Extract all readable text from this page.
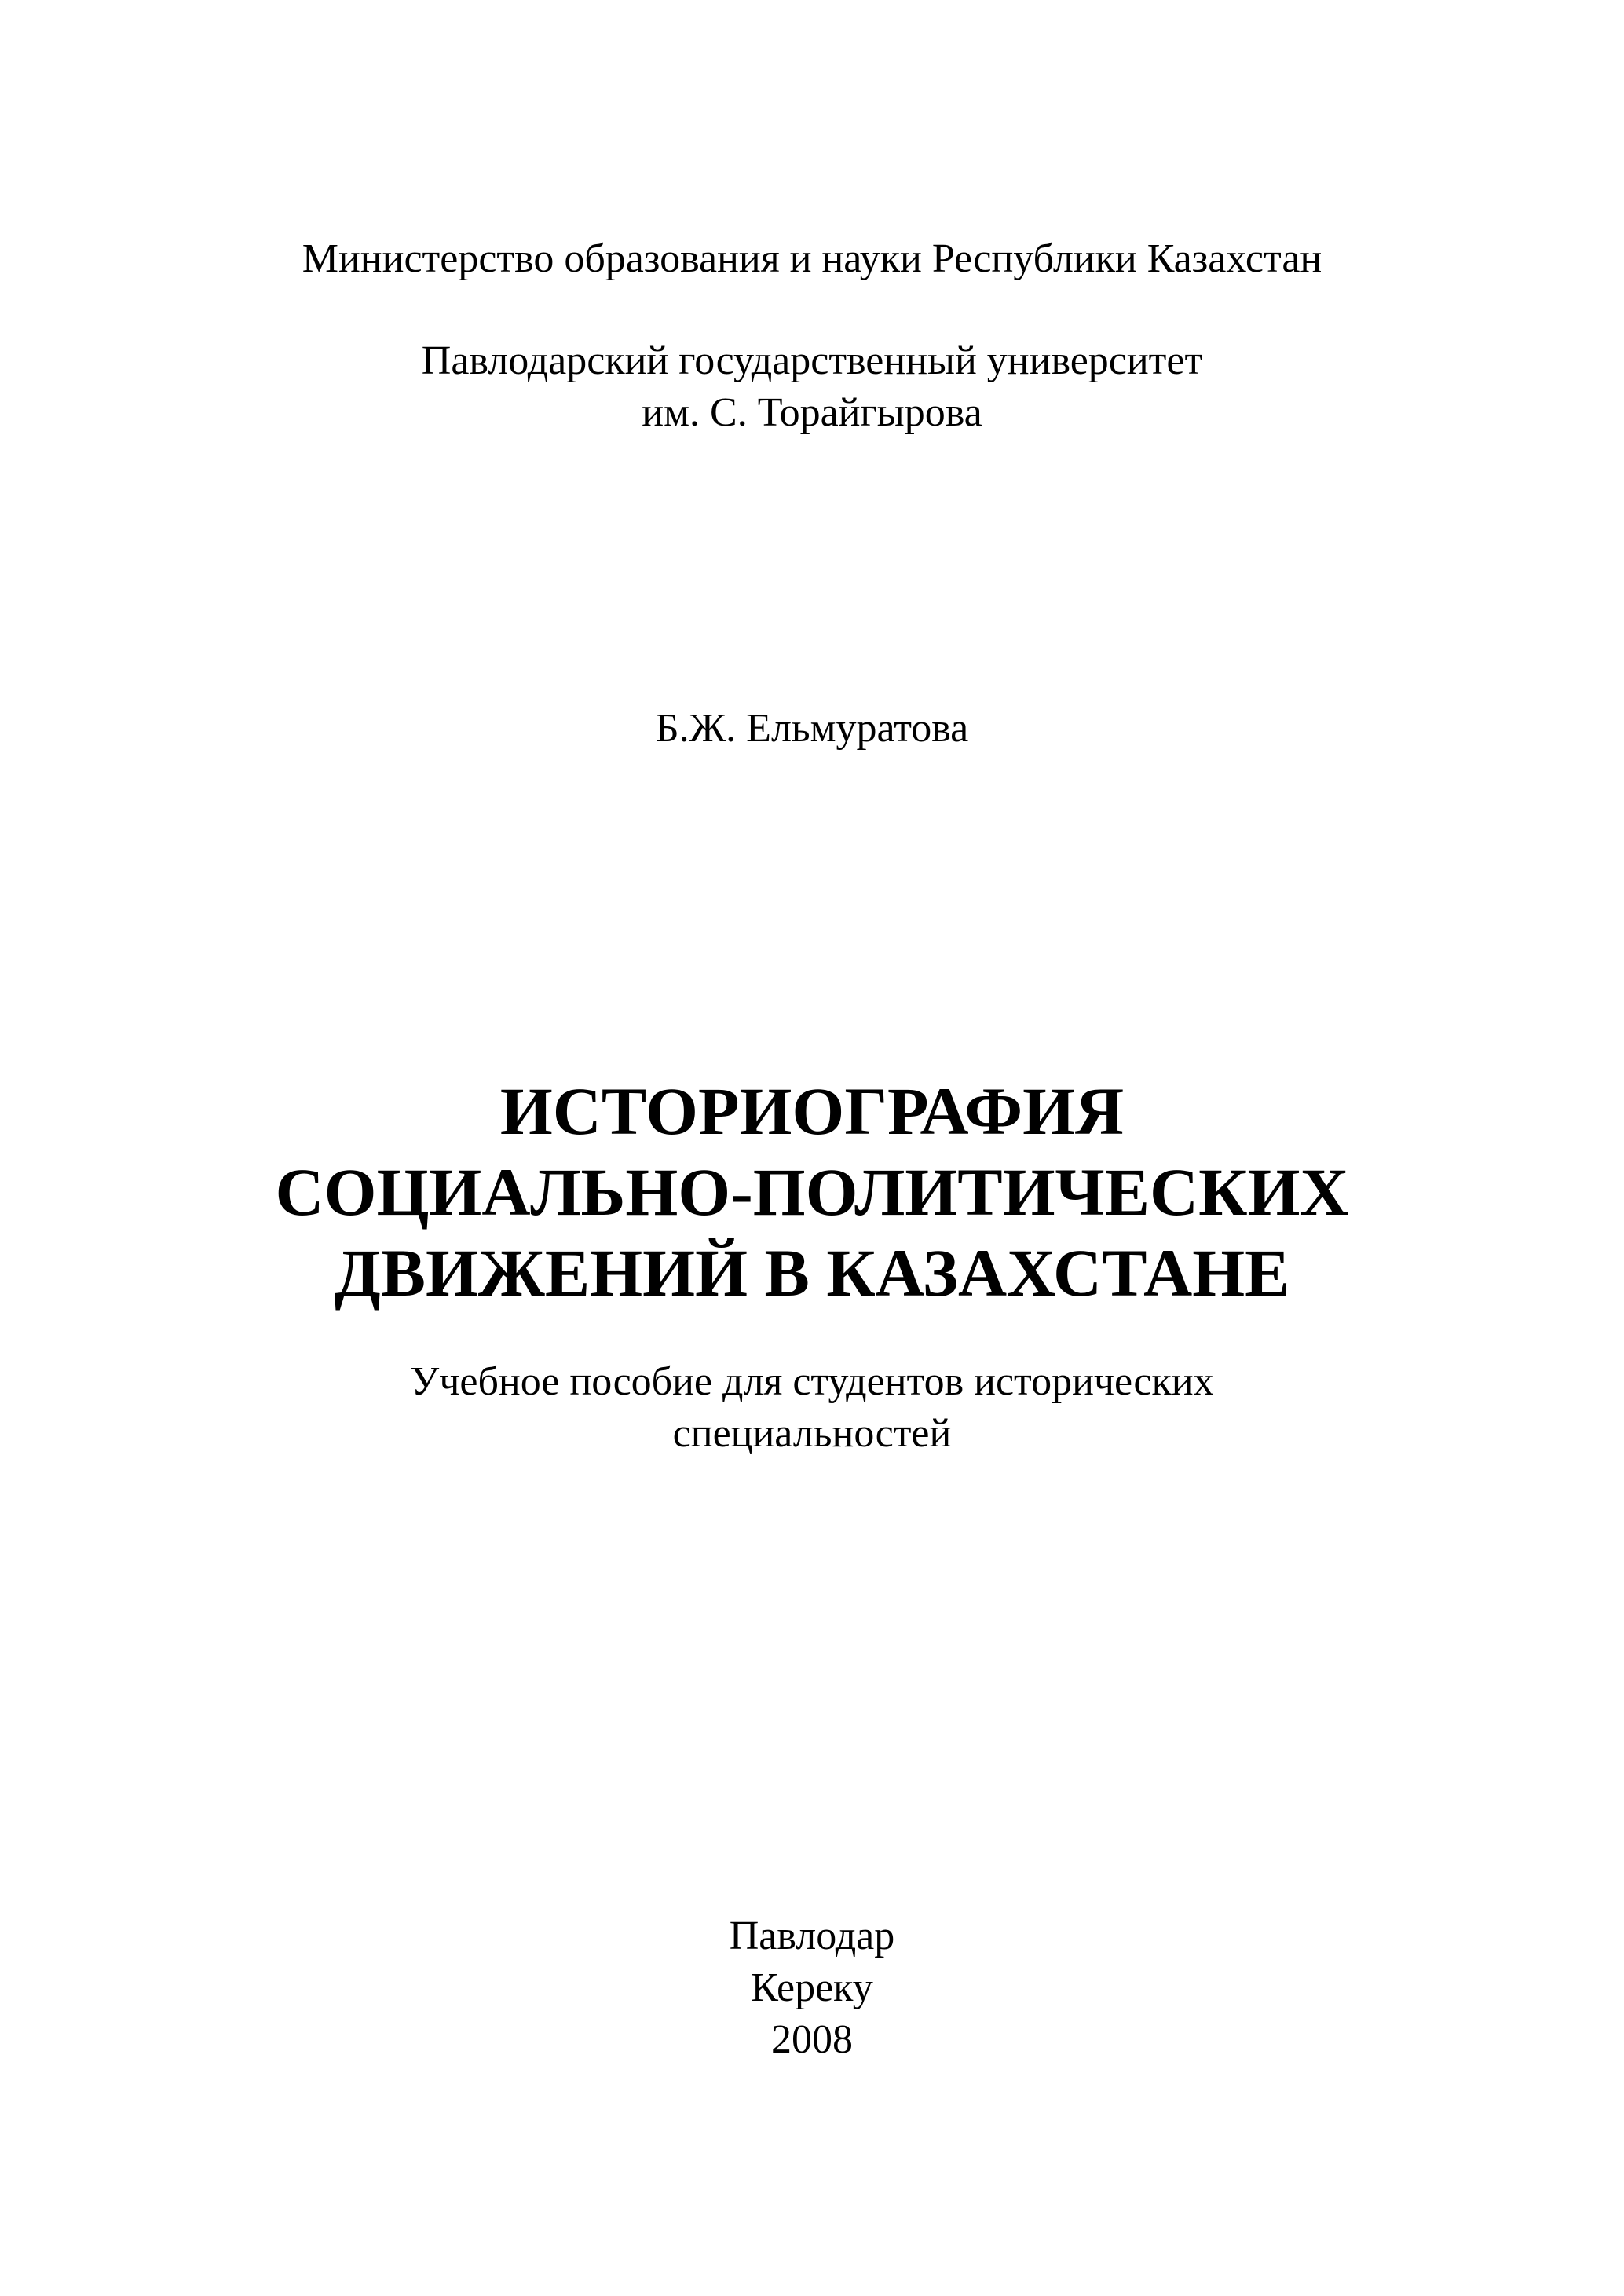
Министерство образования и науки Республики Казахстан
Павлодарский государственный университет
им. С. Торайгырова
Б.Ж. Ельмуратова
ИСТОРИОГРАФИЯ
СОЦИАЛЬНО-ПОЛИТИЧЕСКИХ
ДВИЖЕНИЙ В КАЗАХСТАНЕ
Учебное пособие для студентов исторических
специальностей
Павлодар
Кереку
2008
